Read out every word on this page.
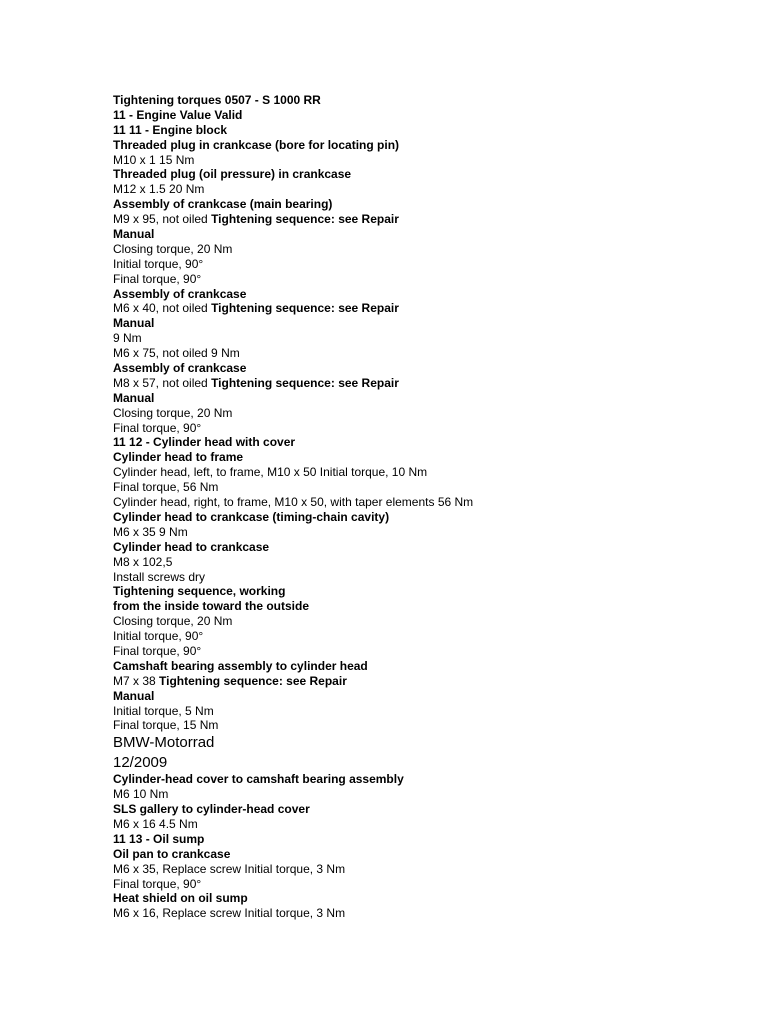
Tightening torques 0507 - S 1000 RR
11 - Engine Value Valid
11 11 - Engine block
Threaded plug in crankcase (bore for locating pin)
M10 x 1 15 Nm
Threaded plug (oil pressure) in crankcase
M12 x 1.5 20 Nm
Assembly of crankcase (main bearing)
M9 x 95, not oiled Tightening sequence: see Repair
Manual
Closing torque, 20 Nm
Initial torque, 90°
Final torque, 90°
Assembly of crankcase
M6 x 40, not oiled Tightening sequence: see Repair
Manual
9 Nm
M6 x 75, not oiled 9 Nm
Assembly of crankcase
M8 x 57, not oiled Tightening sequence: see Repair
Manual
Closing torque, 20 Nm
Final torque, 90°
11 12 - Cylinder head with cover
Cylinder head to frame
Cylinder head, left, to frame, M10 x 50 Initial torque, 10 Nm
Final torque, 56 Nm
Cylinder head, right, to frame, M10 x 50, with taper elements 56 Nm
Cylinder head to crankcase (timing-chain cavity)
M6 x 35 9 Nm
Cylinder head to crankcase
M8 x 102,5
Install screws dry
Tightening sequence, working
from the inside toward the outside
Closing torque, 20 Nm
Initial torque, 90°
Final torque, 90°
Camshaft bearing assembly to cylinder head
M7 x 38 Tightening sequence: see Repair
Manual
Initial torque, 5 Nm
Final torque, 15 Nm
BMW-Motorrad
12/2009
Cylinder-head cover to camshaft bearing assembly
M6 10 Nm
SLS gallery to cylinder-head cover
M6 x 16 4.5 Nm
11 13 - Oil sump
Oil pan to crankcase
M6 x 35, Replace screw Initial torque, 3 Nm
Final torque, 90°
Heat shield on oil sump
M6 x 16, Replace screw Initial torque, 3 Nm
